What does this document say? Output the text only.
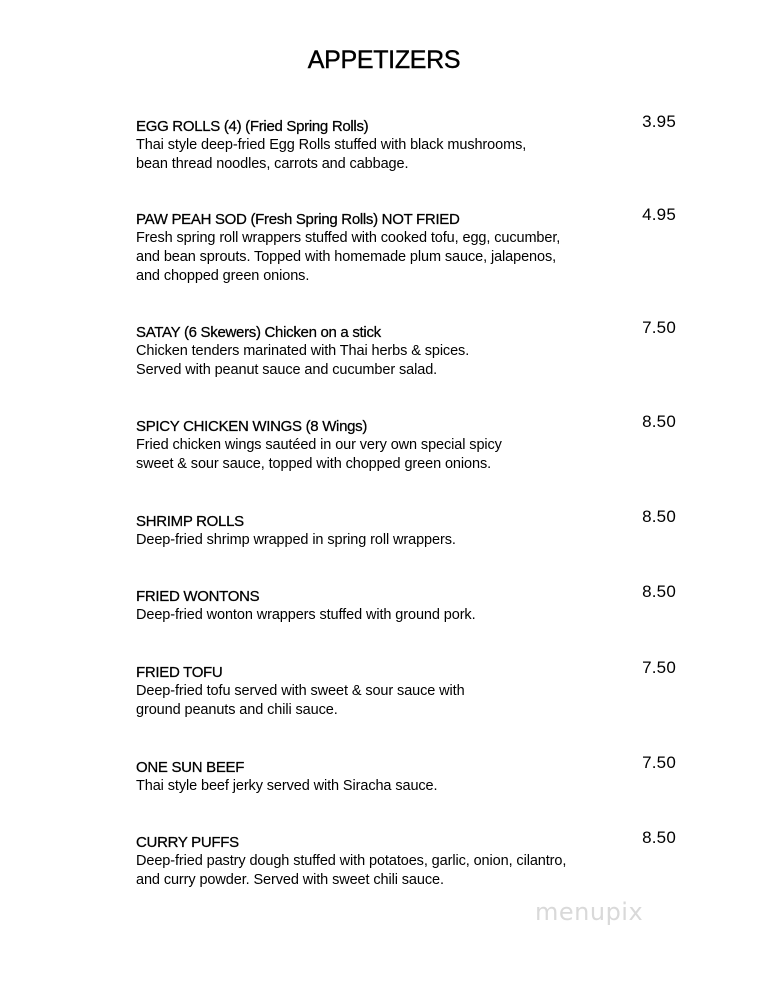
APPETIZERS
EGG ROLLS (4) (Fried Spring Rolls)
Thai style deep-fried Egg Rolls stuffed with black mushrooms,
bean thread noodles, carrots and cabbage.
3.95
PAW PEAH SOD (Fresh Spring Rolls) NOT FRIED
Fresh spring roll wrappers stuffed with cooked tofu, egg, cucumber,
and bean sprouts. Topped with homemade plum sauce, jalapenos,
and chopped green onions.
4.95
SATAY (6 Skewers) Chicken on a stick
Chicken tenders marinated with Thai herbs & spices.
Served with peanut sauce and cucumber salad.
7.50
SPICY CHICKEN WINGS (8 Wings)
Fried chicken wings sautéed in our very own special spicy
sweet & sour sauce, topped with chopped green onions.
8.50
SHRIMP ROLLS
Deep-fried shrimp wrapped in spring roll wrappers.
8.50
FRIED WONTONS
Deep-fried wonton wrappers stuffed with ground pork.
8.50
FRIED TOFU
Deep-fried tofu served with sweet & sour sauce with
ground peanuts and chili sauce.
7.50
ONE SUN BEEF
Thai style beef jerky served with Siracha sauce.
7.50
CURRY PUFFS
Deep-fried pastry dough stuffed with potatoes, garlic, onion, cilantro,
and curry powder. Served with sweet chili sauce.
8.50
menupix
